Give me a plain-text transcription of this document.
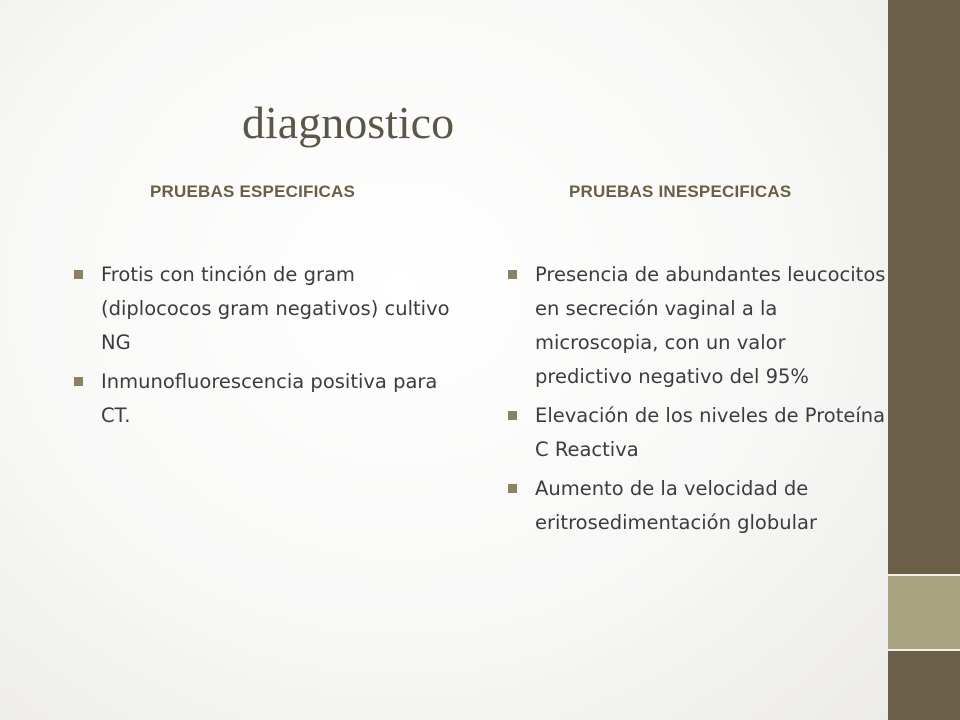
diagnostico
PRUEBAS ESPECIFICAS	PRUEBAS INESPECIFICAS
Frotis con tinción de gram (diplococos gram negativos) cultivo NG
Inmunofluorescencia positiva para CT.
Presencia de abundantes leucocitos en secreción vaginal a la microscopia, con un valor predictivo negativo del 95%
Elevación de los niveles de Proteína C Reactiva
Aumento de la velocidad de eritrosedimentación globular
